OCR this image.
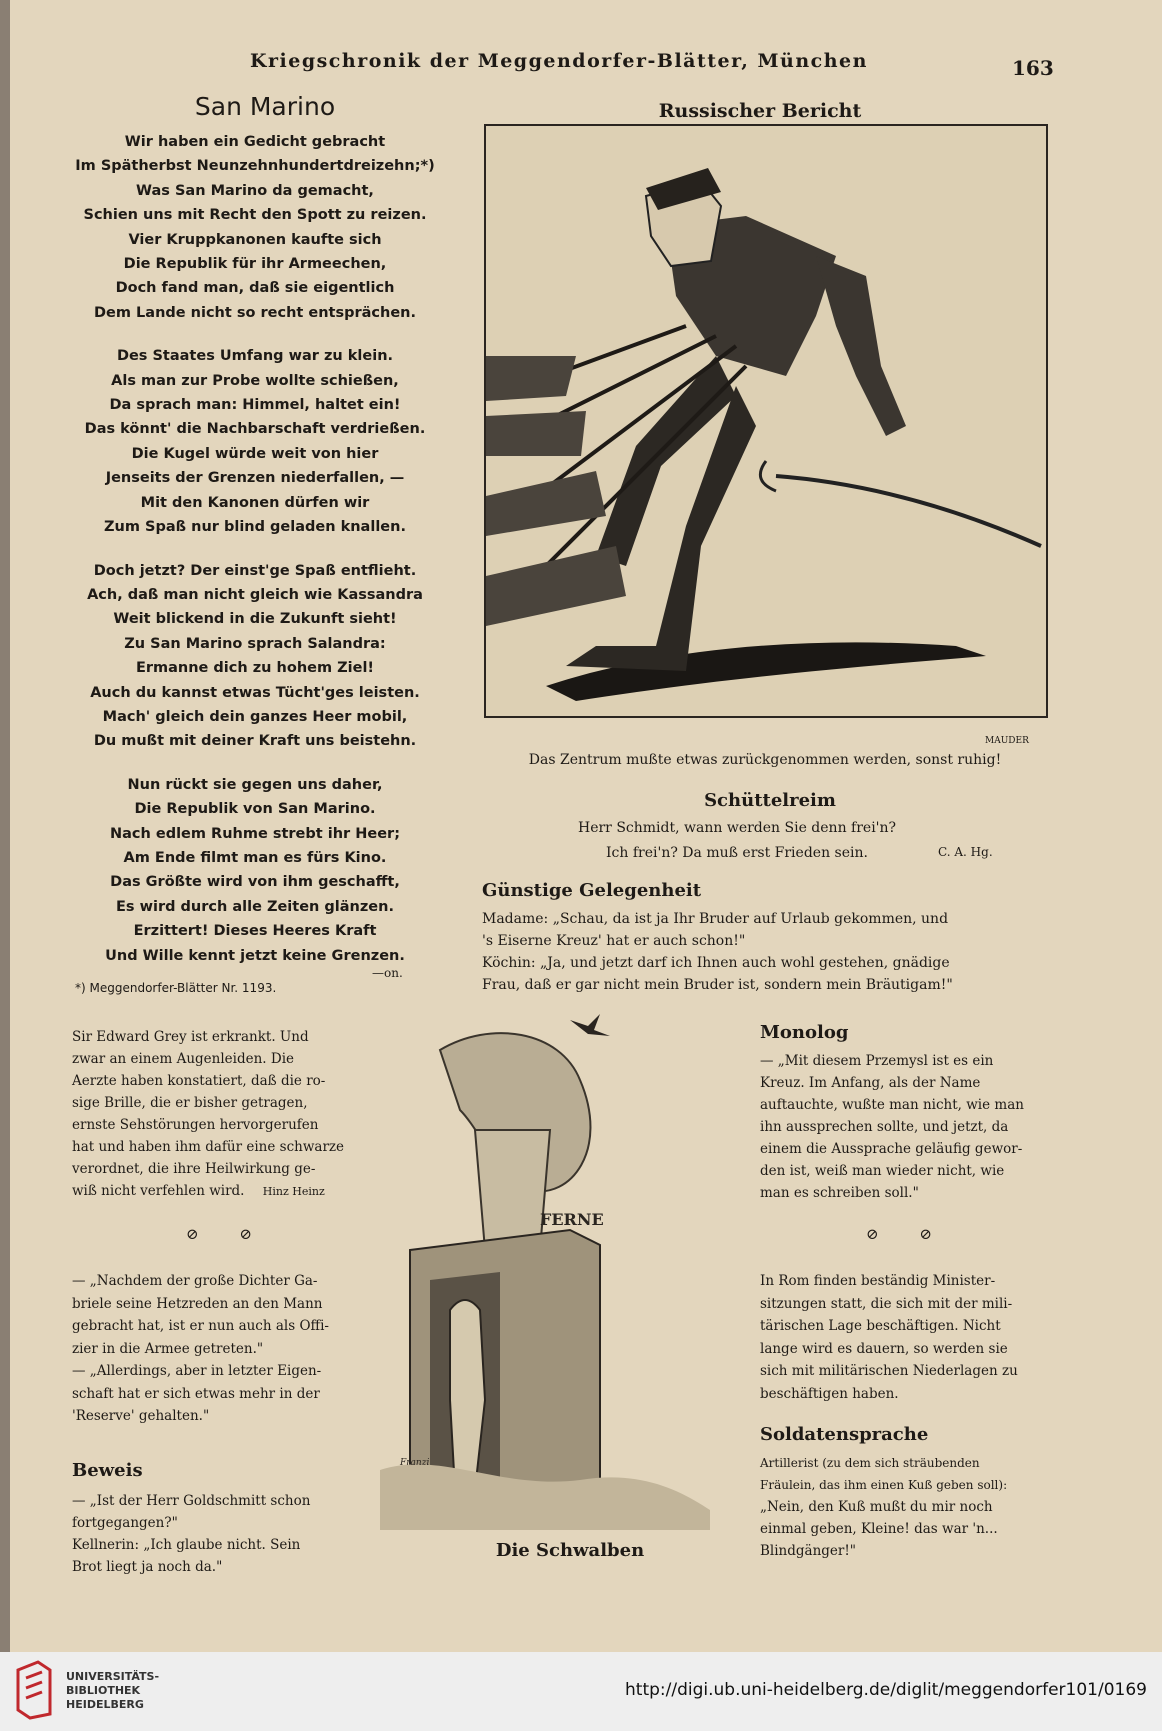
Kriegschronik der Meggendorfer-Blätter, München	163
San Marino
Wir haben ein Gedicht gebracht
Im Spätherbst Neunzehnhundertdreizehn;*)
Was San Marino da gemacht,
Schien uns mit Recht den Spott zu reizen.
Vier Kruppkanonen kaufte sich
Die Republik für ihr Armeechen,
Doch fand man, daß sie eigentlich
Dem Lande nicht so recht entsprächen.
Des Staates Umfang war zu klein.
Als man zur Probe wollte schießen,
Da sprach man: Himmel, haltet ein!
Das könnt' die Nachbarschaft verdrießen.
Die Kugel würde weit von hier
Jenseits der Grenzen niederfallen, —
Mit den Kanonen dürfen wir
Zum Spaß nur blind geladen knallen.
Doch jetzt? Der einst'ge Spaß entflieht.
Ach, daß man nicht gleich wie Kassandra
Weit blickend in die Zukunft sieht!
Zu San Marino sprach Salandra:
Ermanne dich zu hohem Ziel!
Auch du kannst etwas Tücht'ges leisten.
Mach' gleich dein ganzes Heer mobil,
Du mußt mit deiner Kraft uns beistehn.
Nun rückt sie gegen uns daher,
Die Republik von San Marino.
Nach edlem Ruhme strebt ihr Heer;
Am Ende filmt man es fürs Kino.
Das Größte wird von ihm geschafft,
Es wird durch alle Zeiten glänzen.
Erzittert! Dieses Heeres Kraft
Und Wille kennt jetzt keine Grenzen.
—on.
*) Meggendorfer-Blätter Nr. 1193.
Russischer Bericht
MAUDER
Das Zentrum mußte etwas zurückgenommen werden, sonst ruhig!
Schüttelreim
Herr Schmidt, wann werden Sie denn frei'n?
Ich frei'n? Da muß erst Frieden sein.	C. A. Hg.
Günstige Gelegenheit
Madame: „Schau, da ist ja Ihr Bruder auf Urlaub gekommen, und
's Eiserne Kreuz' hat er auch schon!"
Köchin: „Ja, und jetzt darf ich Ihnen auch wohl gestehen, gnädige
Frau, daß er gar nicht mein Bruder ist, sondern mein Bräutigam!"
Sir Edward Grey ist erkrankt. Und
zwar an einem Augenleiden. Die
Aerzte haben konstatiert, daß die ro-
sige Brille, die er bisher getragen,
ernste Sehstörungen hervorgerufen
hat und haben ihm dafür eine schwarze
verordnet, die ihre Heilwirkung ge-
wiß nicht verfehlen wird. Hinz Heinz
⊘ ⊘
— „Nachdem der große Dichter Ga-
briele seine Hetzreden an den Mann
gebracht hat, ist er nun auch als Offi-
zier in die Armee getreten."
— „Allerdings, aber in letzter Eigen-
schaft hat er sich etwas mehr in der
'Reserve' gehalten."
Beweis
— „Ist der Herr Goldschmitt schon
fortgegangen?"
Kellnerin: „Ich glaube nicht. Sein
Brot liegt ja noch da."
FERNE
Franzi
Die Schwalben
Monolog
— „Mit diesem Przemysl ist es ein
Kreuz. Im Anfang, als der Name
auftauchte, wußte man nicht, wie man
ihn aussprechen sollte, und jetzt, da
einem die Aussprache geläufig gewor-
den ist, weiß man wieder nicht, wie
man es schreiben soll."
⊘ ⊘
In Rom finden beständig Minister-
sitzungen statt, die sich mit der mili-
tärischen Lage beschäftigen. Nicht
lange wird es dauern, so werden sie
sich mit militärischen Niederlagen zu
beschäftigen haben.
Soldatensprache
Artillerist (zu dem sich sträubenden
Fräulein, das ihm einen Kuß geben soll):
„Nein, den Kuß mußt du mir noch
einmal geben, Kleine! das war 'n...
Blindgänger!"
UNIVERSITÄTS-
BIBLIOTHEK
HEIDELBERG
http://digi.ub.uni-heidelberg.de/diglit/meggendorfer101/0169
